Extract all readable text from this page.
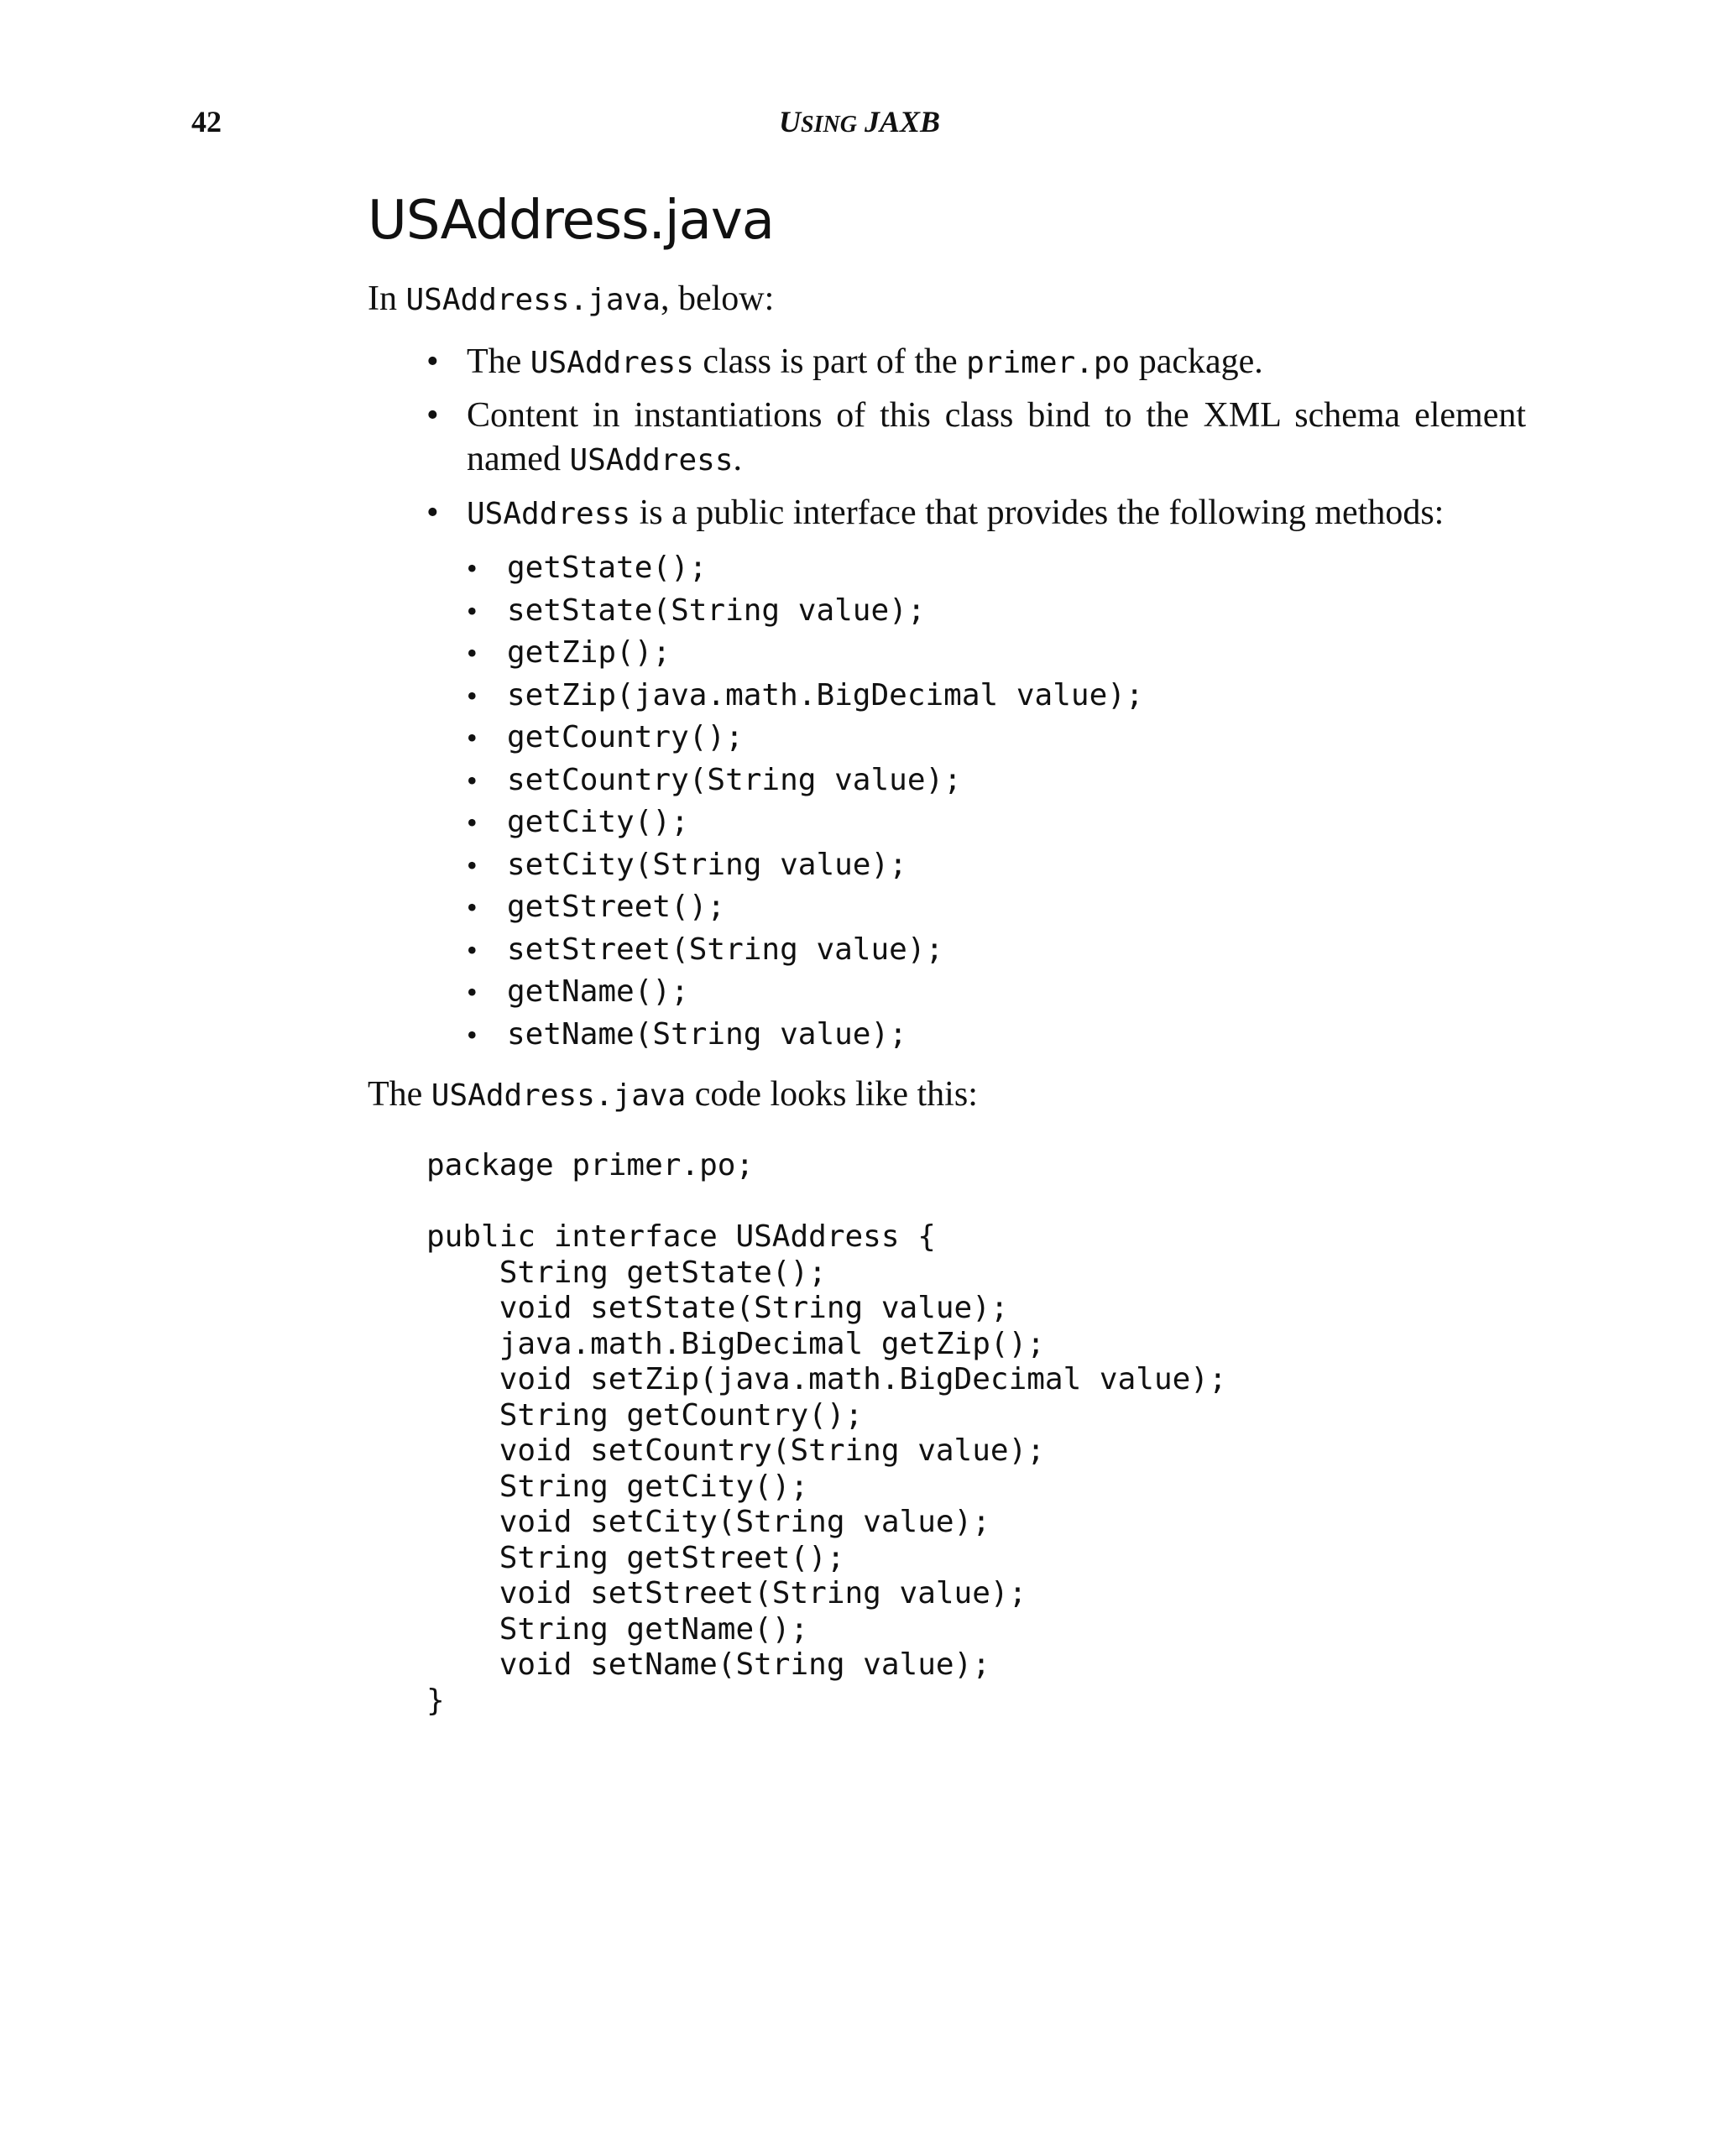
42	USING JAXB
USAddress.java

In USAddress.java, below:

• The USAddress class is part of the primer.po package.
• Content in instantiations of this class bind to the XML schema element named USAddress.
• USAddress is a public interface that provides the following methods:
• getState();
• setState(String value);
• getZip();
• setZip(java.math.BigDecimal value);
• getCountry();
• setCountry(String value);
• getCity();
• setCity(String value);
• getStreet();
• setStreet(String value);
• getName();
• setName(String value);

The USAddress.java code looks like this:

package primer.po;

public interface USAddress {
String getState();
void setState(String value);
java.math.BigDecimal getZip();
void setZip(java.math.BigDecimal value);
String getCountry();
void setCountry(String value);
String getCity();
void setCity(String value);
String getStreet();
void setStreet(String value);
String getName();
void setName(String value);
}
